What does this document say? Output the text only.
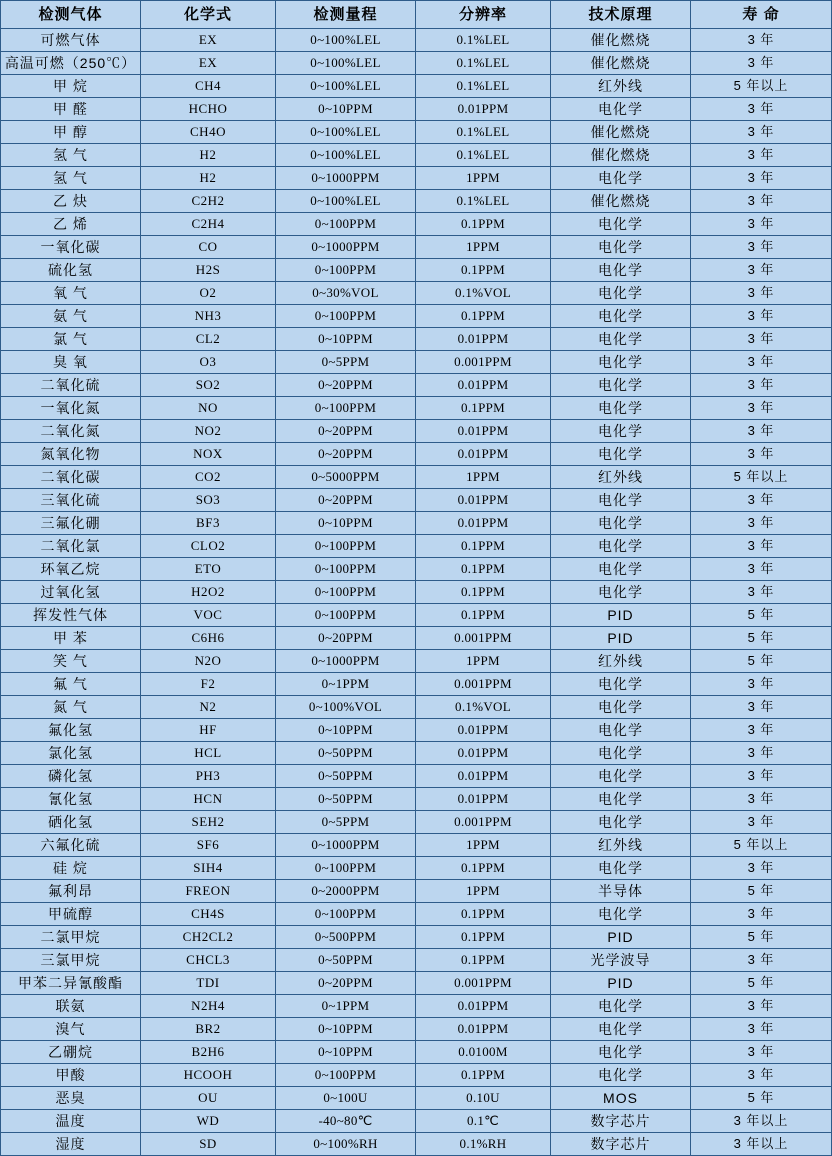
检测气体	化学式	检测量程	分辨率	技术原理	寿 命
可燃气体	EX	0~100%LEL	0.1%LEL	催化燃烧	3 年
高温可燃（250℃）	EX	0~100%LEL	0.1%LEL	催化燃烧	3 年
甲 烷	CH4	0~100%LEL	0.1%LEL	红外线	5 年以上
甲 醛	HCHO	0~10PPM	0.01PPM	电化学	3 年
甲 醇	CH4O	0~100%LEL	0.1%LEL	催化燃烧	3 年
氢 气	H2	0~100%LEL	0.1%LEL	催化燃烧	3 年
氢 气	H2	0~1000PPM	1PPM	电化学	3 年
乙 炔	C2H2	0~100%LEL	0.1%LEL	催化燃烧	3 年
乙 烯	C2H4	0~100PPM	0.1PPM	电化学	3 年
一氧化碳	CO	0~1000PPM	1PPM	电化学	3 年
硫化氢	H2S	0~100PPM	0.1PPM	电化学	3 年
氧 气	O2	0~30%VOL	0.1%VOL	电化学	3 年
氨 气	NH3	0~100PPM	0.1PPM	电化学	3 年
氯 气	CL2	0~10PPM	0.01PPM	电化学	3 年
臭 氧	O3	0~5PPM	0.001PPM	电化学	3 年
二氧化硫	SO2	0~20PPM	0.01PPM	电化学	3 年
一氧化氮	NO	0~100PPM	0.1PPM	电化学	3 年
二氧化氮	NO2	0~20PPM	0.01PPM	电化学	3 年
氮氧化物	NOX	0~20PPM	0.01PPM	电化学	3 年
二氧化碳	CO2	0~5000PPM	1PPM	红外线	5 年以上
三氧化硫	SO3	0~20PPM	0.01PPM	电化学	3 年
三氟化硼	BF3	0~10PPM	0.01PPM	电化学	3 年
二氧化氯	CLO2	0~100PPM	0.1PPM	电化学	3 年
环氧乙烷	ETO	0~100PPM	0.1PPM	电化学	3 年
过氧化氢	H2O2	0~100PPM	0.1PPM	电化学	3 年
挥发性气体	VOC	0~100PPM	0.1PPM	PID	5 年
甲 苯	C6H6	0~20PPM	0.001PPM	PID	5 年
笑 气	N2O	0~1000PPM	1PPM	红外线	5 年
氟 气	F2	0~1PPM	0.001PPM	电化学	3 年
氮 气	N2	0~100%VOL	0.1%VOL	电化学	3 年
氟化氢	HF	0~10PPM	0.01PPM	电化学	3 年
氯化氢	HCL	0~50PPM	0.01PPM	电化学	3 年
磷化氢	PH3	0~50PPM	0.01PPM	电化学	3 年
氰化氢	HCN	0~50PPM	0.01PPM	电化学	3 年
硒化氢	SEH2	0~5PPM	0.001PPM	电化学	3 年
六氟化硫	SF6	0~1000PPM	1PPM	红外线	5 年以上
硅 烷	SIH4	0~100PPM	0.1PPM	电化学	3 年
氟利昂	FREON	0~2000PPM	1PPM	半导体	5 年
甲硫醇	CH4S	0~100PPM	0.1PPM	电化学	3 年
二氯甲烷	CH2CL2	0~500PPM	0.1PPM	PID	5 年
三氯甲烷	CHCL3	0~50PPM	0.1PPM	光学波导	3 年
甲苯二异氰酸酯	TDI	0~20PPM	0.001PPM	PID	5 年
联氨	N2H4	0~1PPM	0.01PPM	电化学	3 年
溴气	BR2	0~10PPM	0.01PPM	电化学	3 年
乙硼烷	B2H6	0~10PPM	0.0100M	电化学	3 年
甲酸	HCOOH	0~100PPM	0.1PPM	电化学	3 年
恶臭	OU	0~100U	0.10U	MOS	5 年
温度	WD	-40~80℃	0.1℃	数字芯片	3 年以上
湿度	SD	0~100%RH	0.1%RH	数字芯片	3 年以上
